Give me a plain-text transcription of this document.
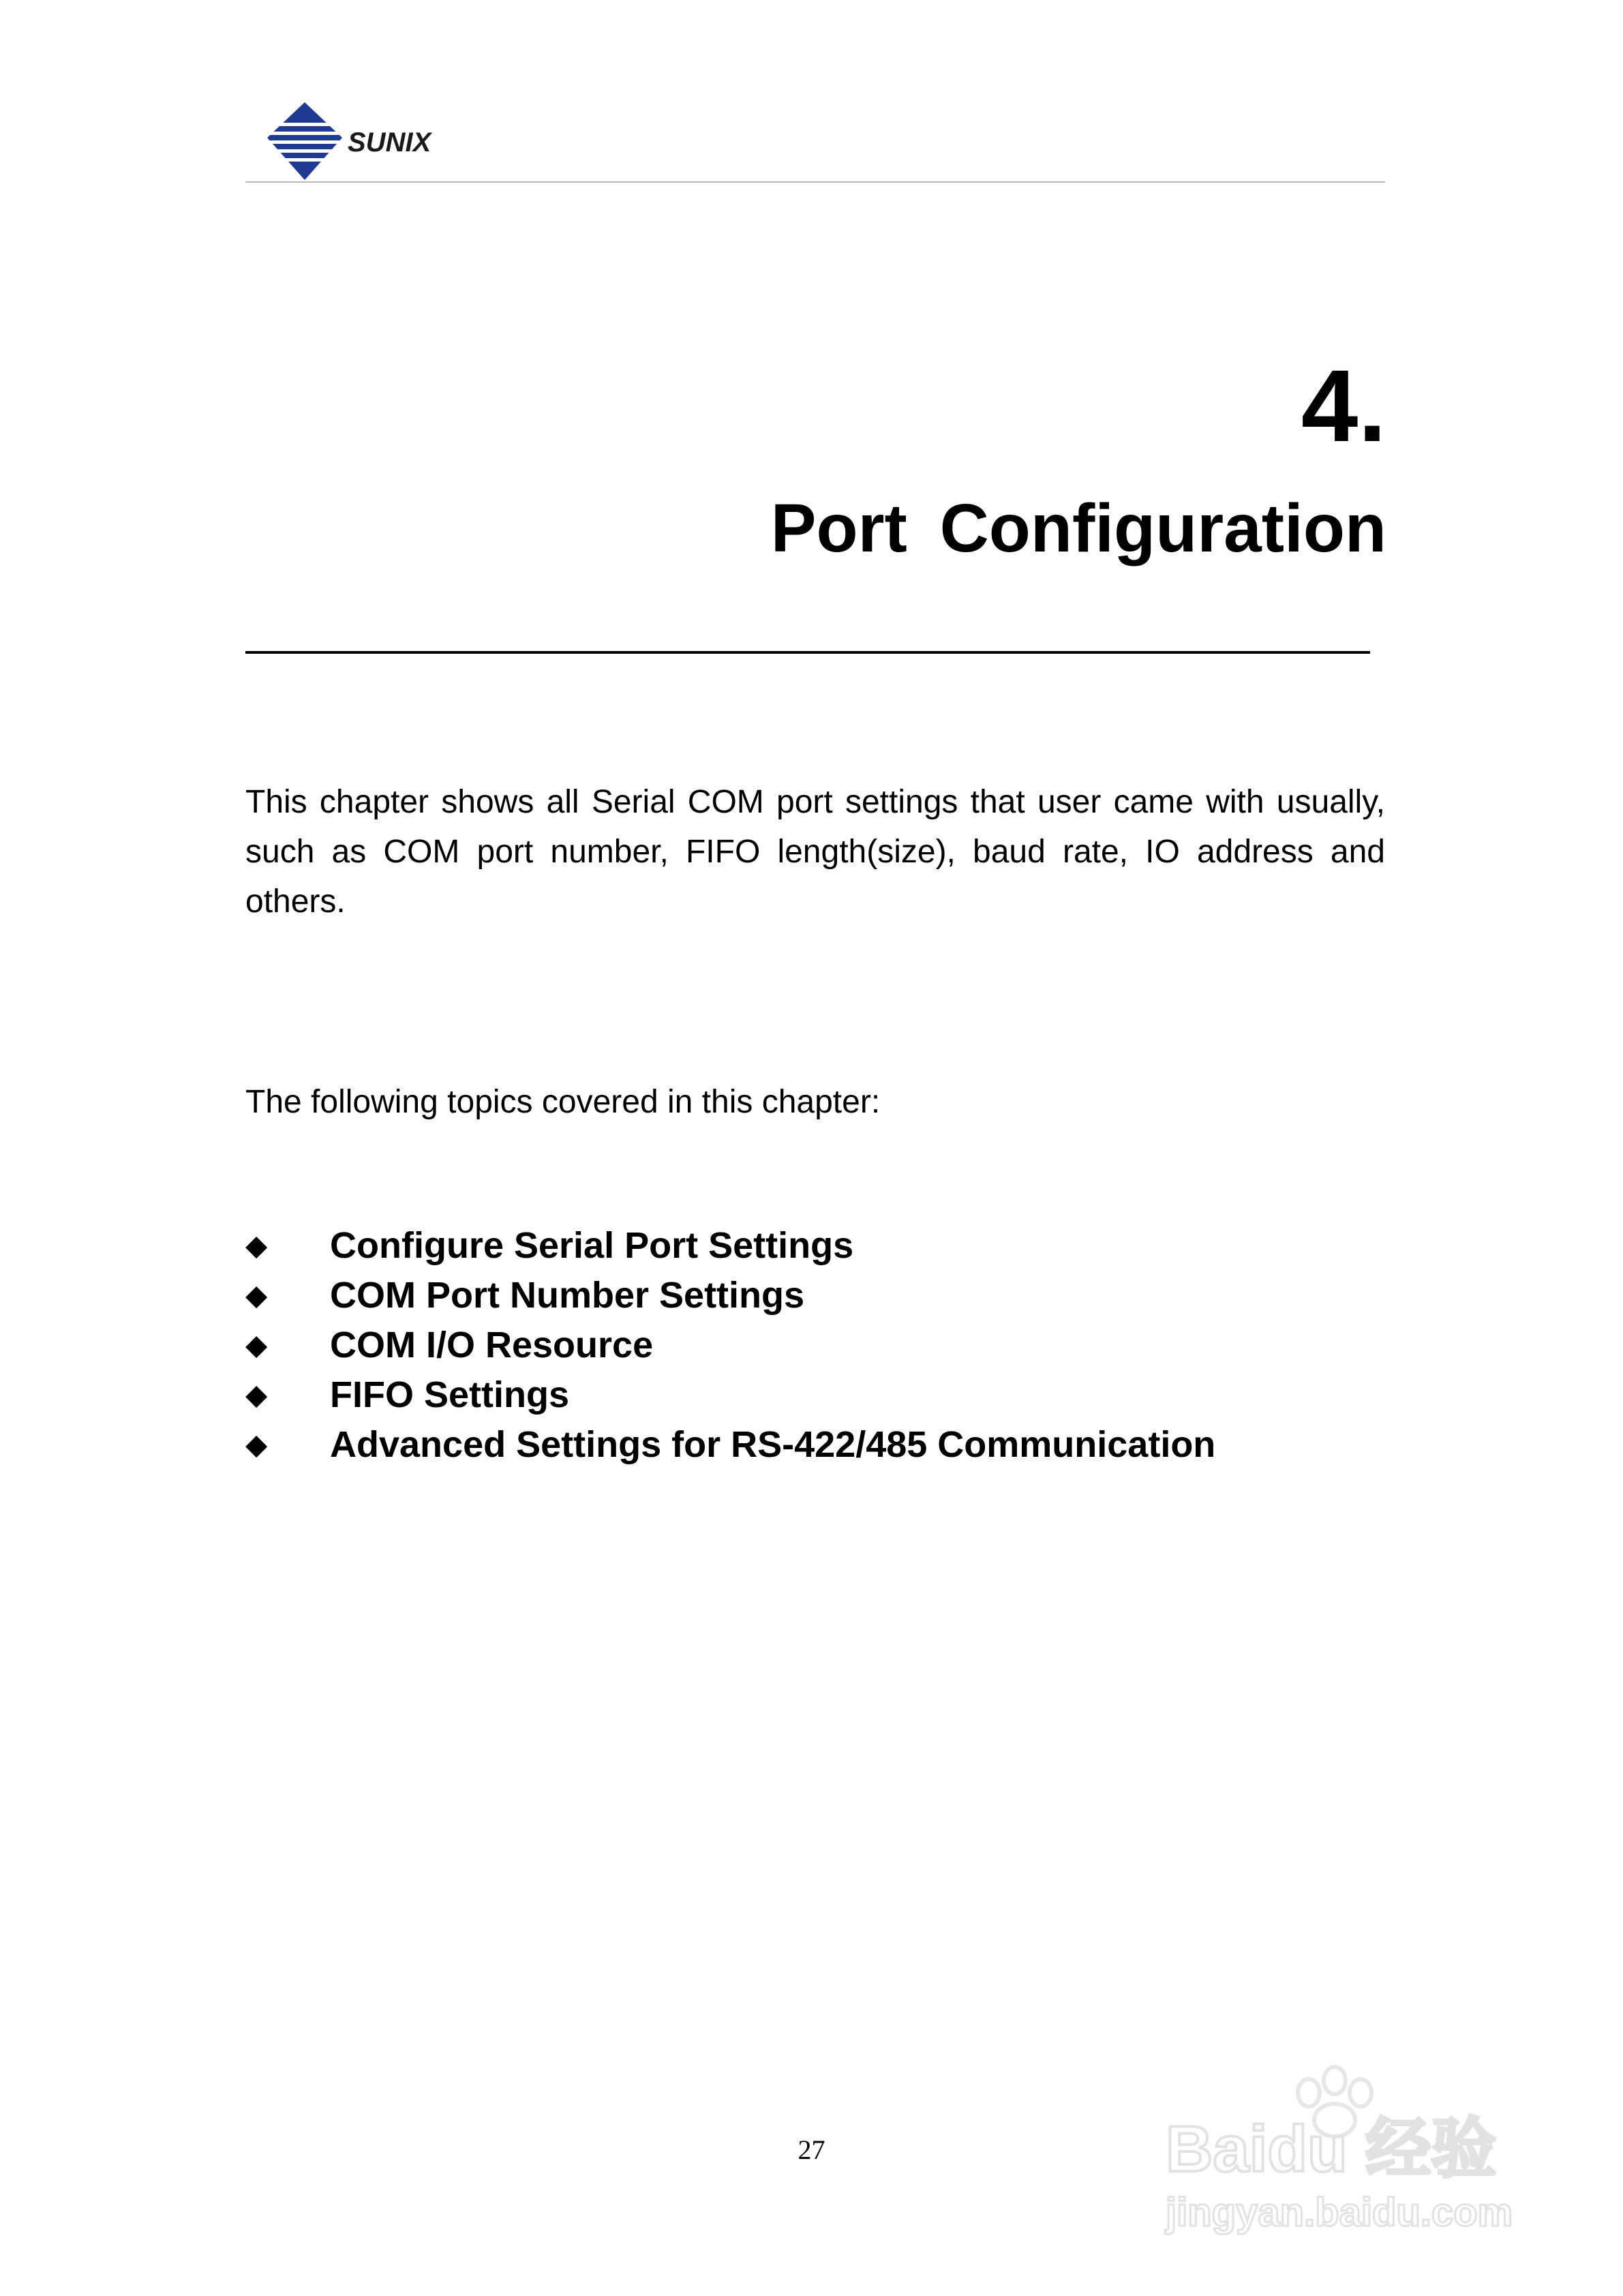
SUNIX
4.
Port Configuration

This chapter shows all Serial COM port settings that user came with usually, such as COM port number, FIFO length(size), baud rate, IO address and others.

The following topics covered in this chapter:

◆	Configure Serial Port Settings
◆	COM Port Number Settings
◆	COM I/O Resource
◆	FIFO Settings
◆	Advanced Settings for RS-422/485 Communication

27	Baidu 经验
jingyan.baidu.com
